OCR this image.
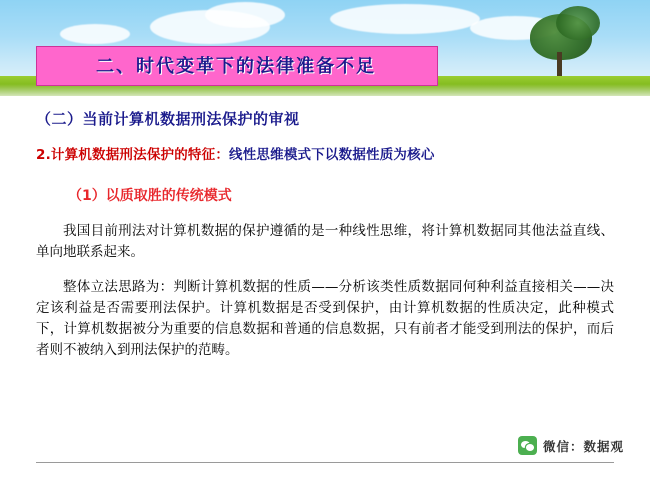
二、时代变革下的法律准备不足
（二）当前计算机数据刑法保护的审视
2.计算机数据刑法保护的特征：线性思维模式下以数据性质为核心
（1）以质取胜的传统模式
我国目前刑法对计算机数据的保护遵循的是一种线性思维，将计算机数据同其他法益直线、单向地联系起来。
整体立法思路为：判断计算机数据的性质——分析该类性质数据同何种利益直接相关——决定该利益是否需要刑法保护。计算机数据是否受到保护，由计算机数据的性质决定，此种模式下，计算机数据被分为重要的信息数据和普通的信息数据，只有前者才能受到刑法的保护，而后者则不被纳入到刑法保护的范畴。
微信：数据观
